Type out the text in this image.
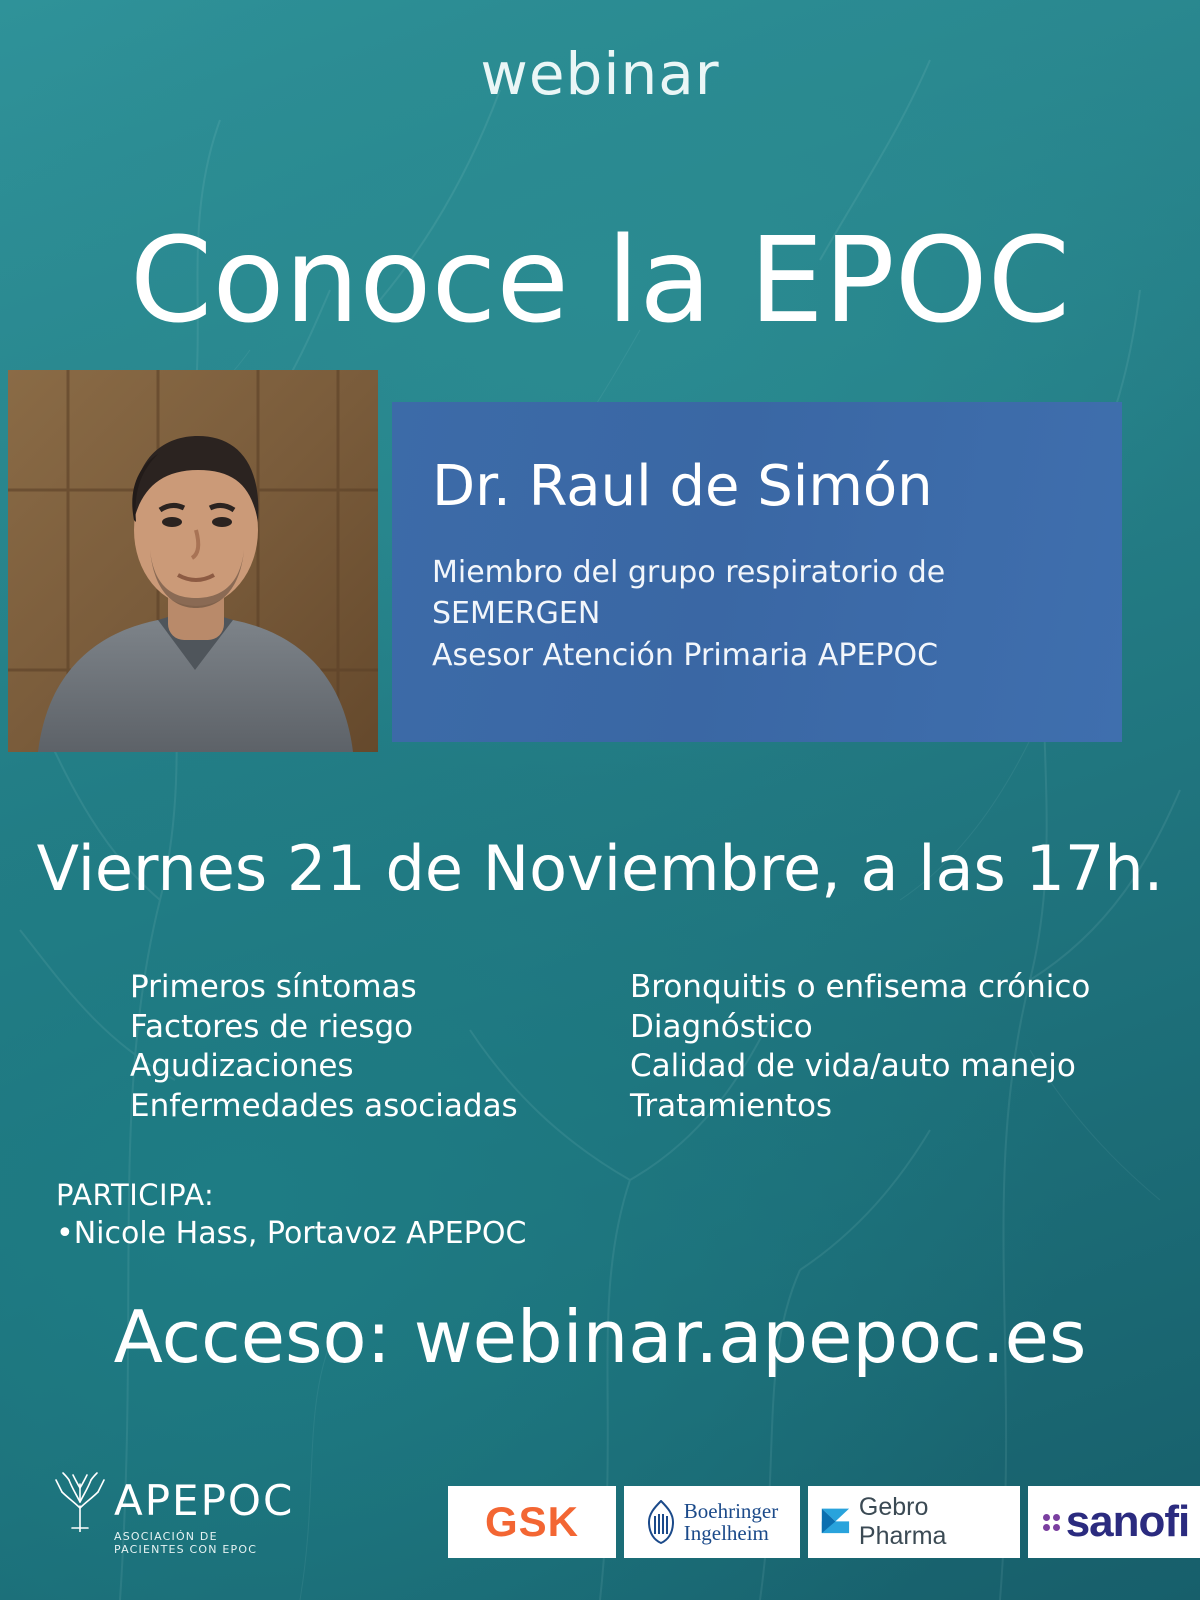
webinar
Conoce la EPOC
Dr. Raul de Simón
Miembro del grupo respiratorio de
SEMERGEN
Asesor Atención Primaria APEPOC
Viernes 21 de Noviembre, a las 17h.
Primeros síntomas
Factores de riesgo
Agudizaciones
Enfermedades asociadas
Bronquitis o enfisema crónico
Diagnóstico
Calidad de vida/auto manejo
Tratamientos
PARTICIPA:
•Nicole Hass, Portavoz APEPOC
Acceso: webinar.apepoc.es
APEPOC
ASOCIACIÓN DE PACIENTES CON EPOC
GSK	Boehringer
Ingelheim
Gebro Pharma	sanofi
